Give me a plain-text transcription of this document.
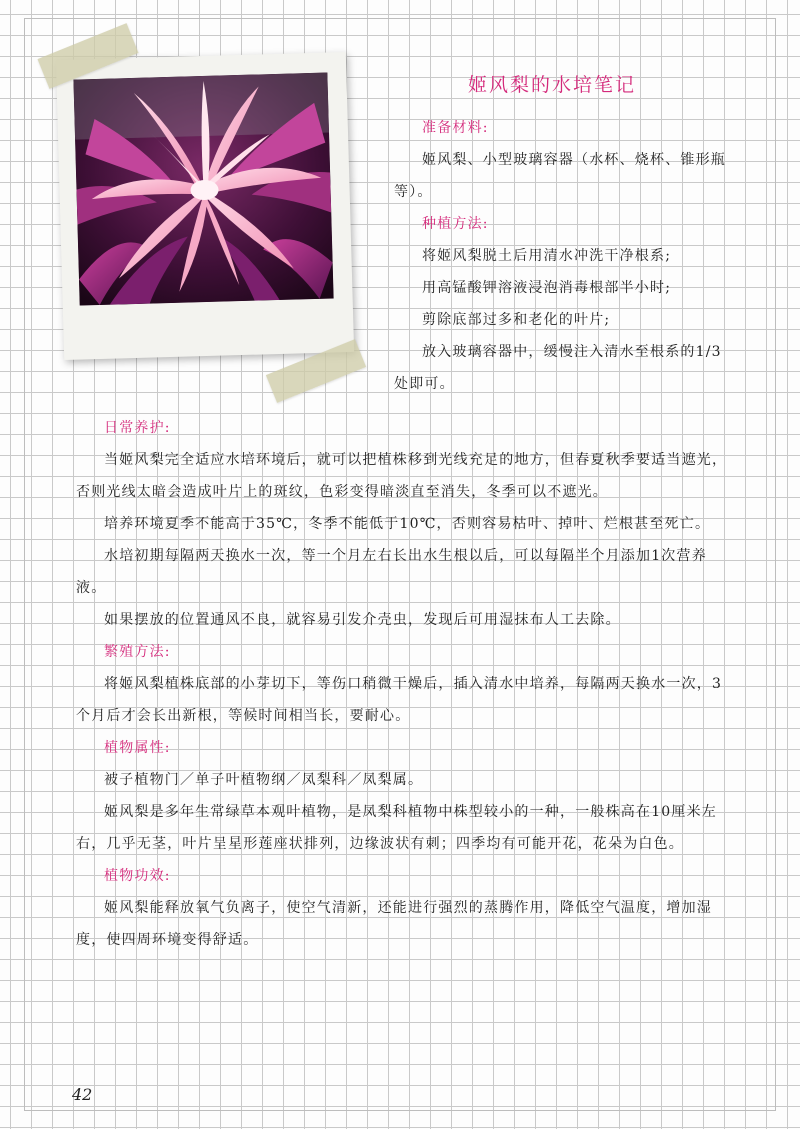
姬风梨的水培笔记

准备材料:

姬风梨、小型玻璃容器（水杯、烧杯、锥形瓶等）。

种植方法:

将姬风梨脱土后用清水冲洗干净根系;

用高锰酸钾溶液浸泡消毒根部半小时;

剪除底部过多和老化的叶片;

放入玻璃容器中，缓慢注入清水至根系的1/3处即可。

日常养护:

当姬风梨完全适应水培环境后，就可以把植株移到光线充足的地方，但春夏秋季要适当遮光，否则光线太暗会造成叶片上的斑纹，色彩变得暗淡直至消失，冬季可以不遮光。

培养环境夏季不能高于35℃，冬季不能低于10℃，否则容易枯叶、掉叶、烂根甚至死亡。

水培初期每隔两天换水一次，等一个月左右长出水生根以后，可以每隔半个月添加1次营养液。

如果摆放的位置通风不良，就容易引发介壳虫，发现后可用湿抹布人工去除。

繁殖方法:

将姬风梨植株底部的小芽切下，等伤口稍微干燥后，插入清水中培养，每隔两天换水一次，3个月后才会长出新根，等候时间相当长，要耐心。

植物属性:

被子植物门／单子叶植物纲／凤梨科／凤梨属。

姬风梨是多年生常绿草本观叶植物，是凤梨科植物中株型较小的一种，一般株高在10厘米左右，几乎无茎，叶片呈星形莲座状排列，边缘波状有刺；四季均有可能开花，花朵为白色。

植物功效:

姬风梨能释放氧气负离子，使空气清新，还能进行强烈的蒸腾作用，降低空气温度，增加湿度，使四周环境变得舒适。

42
